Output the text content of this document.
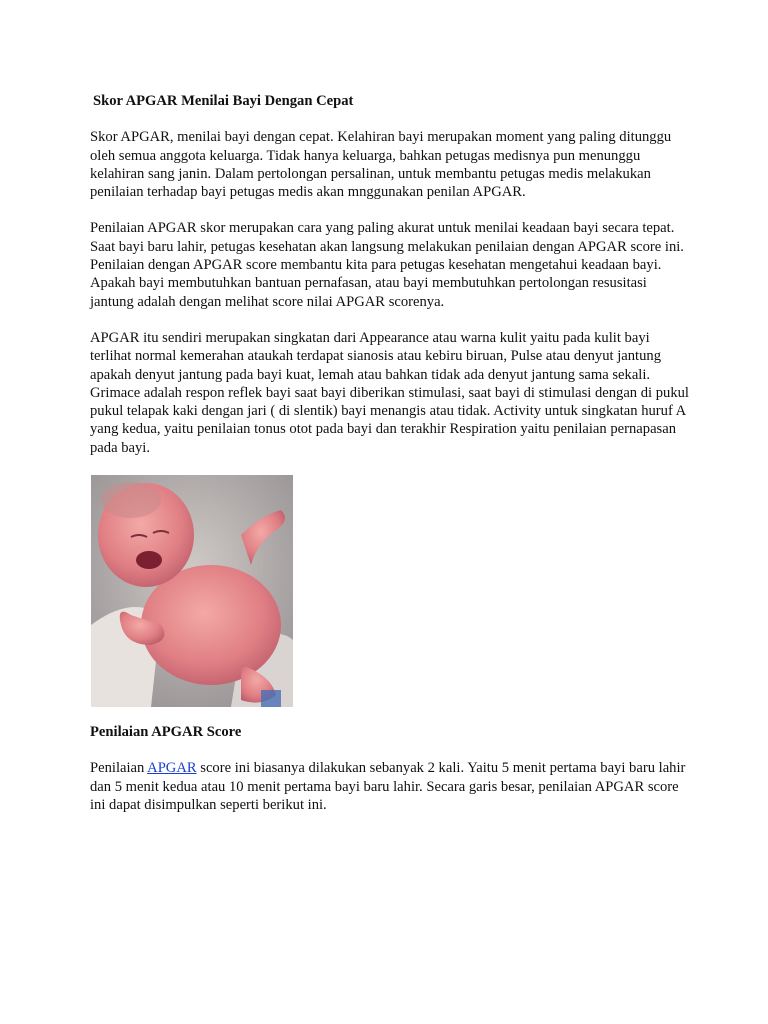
Skor APGAR Menilai Bayi Dengan Cepat

Skor APGAR, menilai bayi dengan cepat. Kelahiran bayi merupakan moment yang paling ditunggu oleh semua anggota keluarga. Tidak hanya keluarga, bahkan petugas medisnya pun menunggu kelahiran sang janin. Dalam pertolongan persalinan, untuk membantu petugas medis melakukan penilaian terhadap bayi petugas medis akan mnggunakan penilan APGAR.

Penilaian APGAR skor merupakan cara yang paling akurat untuk menilai keadaan bayi secara tepat. Saat bayi baru lahir, petugas kesehatan akan langsung melakukan penilaian dengan APGAR score ini. Penilaian dengan APGAR score membantu kita para petugas kesehatan mengetahui keadaan bayi. Apakah bayi membutuhkan bantuan pernafasan, atau bayi membutuhkan pertolongan resusitasi jantung adalah dengan melihat score nilai APGAR scorenya.

APGAR itu sendiri merupakan singkatan dari Appearance atau warna kulit yaitu pada kulit bayi terlihat normal kemerahan ataukah terdapat sianosis atau kebiru biruan, Pulse atau denyut jantung apakah denyut jantung pada bayi kuat, lemah atau bahkan tidak ada denyut jantung sama sekali. Grimace adalah respon reflek bayi saat bayi diberikan stimulasi, saat bayi di stimulasi dengan di pukul pukul telapak kaki dengan jari ( di slentik) bayi menangis atau tidak. Activity untuk singkatan huruf A yang kedua, yaitu penilaian tonus otot pada bayi dan terakhir Respiration yaitu penilaian pernapasan pada bayi.

Penilaian APGAR Score

Penilaian APGAR score ini biasanya dilakukan sebanyak 2 kali. Yaitu 5 menit pertama bayi baru lahir dan 5 menit kedua atau 10 menit pertama bayi baru lahir. Secara garis besar, penilaian APGAR score ini dapat disimpulkan seperti berikut ini.
